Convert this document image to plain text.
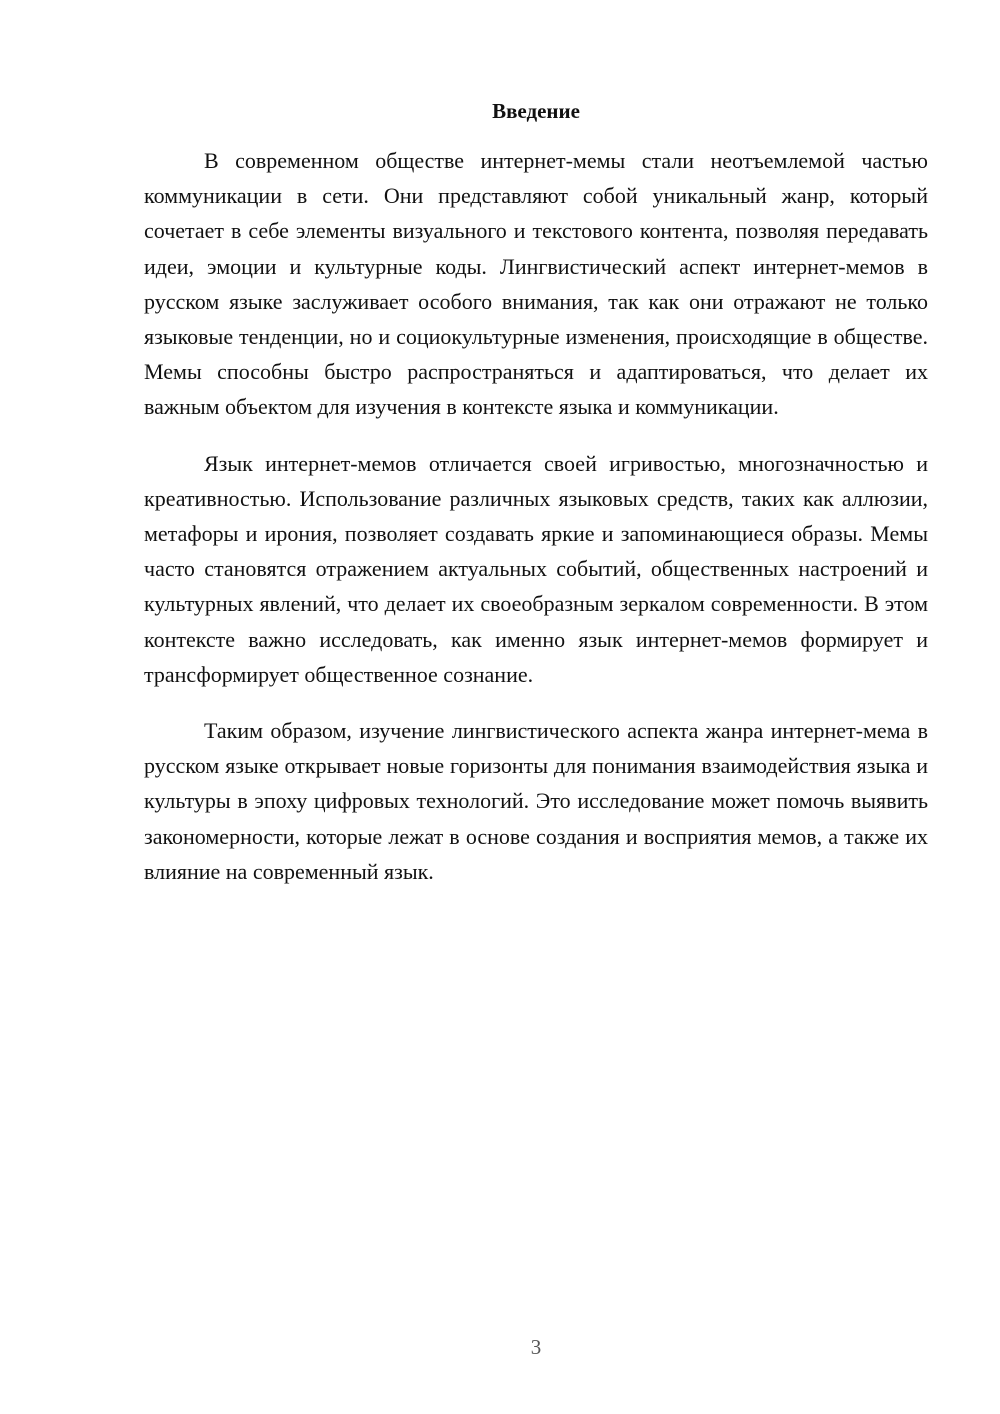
Введение

В современном обществе интернет-мемы стали неотъемлемой частью коммуникации в сети. Они представляют собой уникальный жанр, который сочетает в себе элементы визуального и текстового контента, позволяя передавать идеи, эмоции и культурные коды. Лингвистический аспект интернет-мемов в русском языке заслуживает особого внимания, так как они отражают не только языковые тенденции, но и социокультурные изменения, происходящие в обществе. Мемы способны быстро распространяться и адаптироваться, что делает их важным объектом для изучения в контексте языка и коммуникации.

Язык интернет-мемов отличается своей игривостью, многозначностью и креативностью. Использование различных языковых средств, таких как аллюзии, метафоры и ирония, позволяет создавать яркие и запоминающиеся образы. Мемы часто становятся отражением актуальных событий, общественных настроений и культурных явлений, что делает их своеобразным зеркалом современности. В этом контексте важно исследовать, как именно язык интернет-мемов формирует и трансформирует общественное сознание.

Таким образом, изучение лингвистического аспекта жанра интернет-мема в русском языке открывает новые горизонты для понимания взаимодействия языка и культуры в эпоху цифровых технологий. Это исследование может помочь выявить закономерности, которые лежат в основе создания и восприятия мемов, а также их влияние на современный язык.

3
